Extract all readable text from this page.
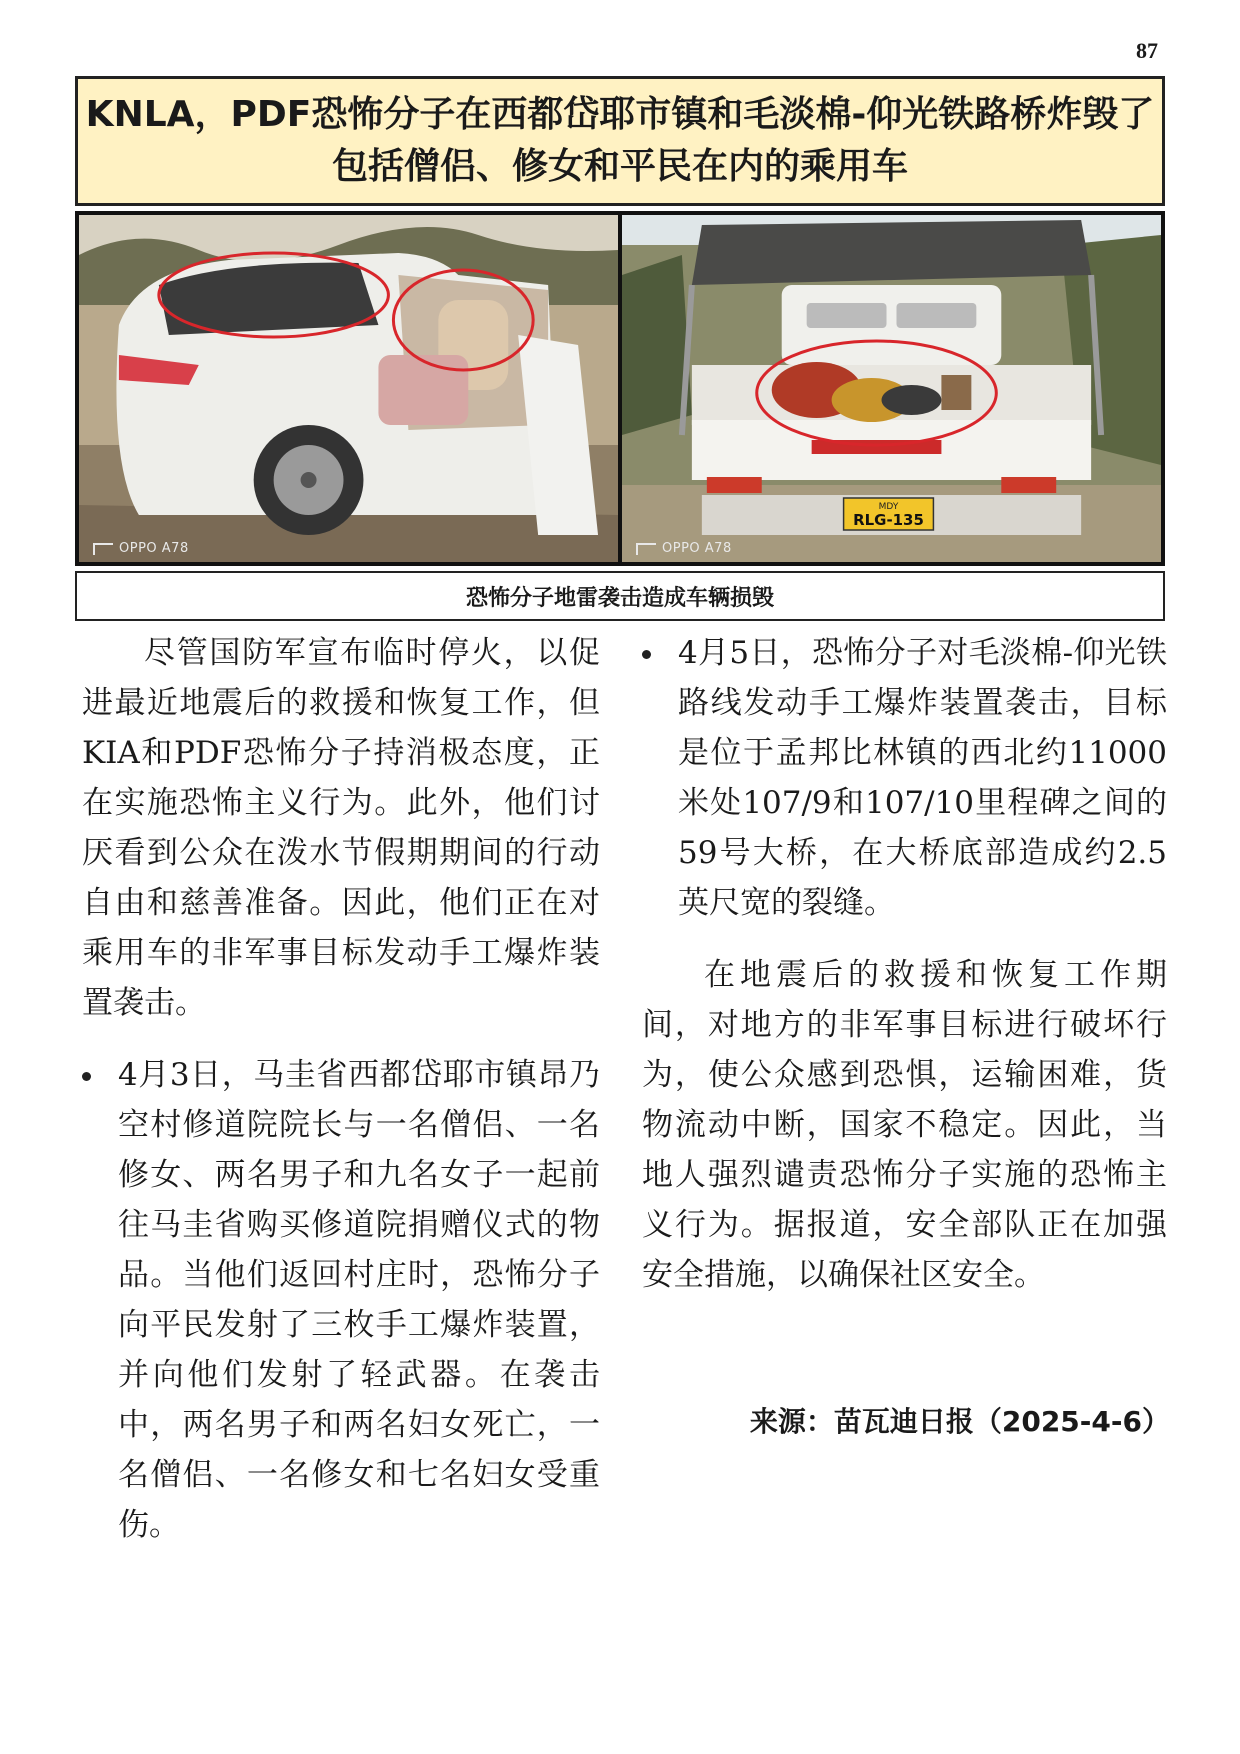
87
KNLA，PDF恐怖分子在西都岱耶市镇和毛淡棉-仰光铁路桥炸毁了
包括僧侣、修女和平民在内的乘用车
OPPO A78
MDY
RLG-135
OPPO A78
恐怖分子地雷袭击造成车辆损毁

尽管国防军宣布临时停火，以促进最近地震后的救援和恢复工作，但KIA和PDF恐怖分子持消极态度，正在实施恐怖主义行为。此外，他们讨厌看到公众在泼水节假期期间的行动自由和慈善准备。因此，他们正在对乘用车的非军事目标发动手工爆炸装置袭击。

4月3日，马圭省西都岱耶市镇昂乃空村修道院院长与一名僧侣、一名修女、两名男子和九名女子一起前往马圭省购买修道院捐赠仪式的物品。当他们返回村庄时，恐怖分子向平民发射了三枚手工爆炸装置，并向他们发射了轻武器。在袭击中，两名男子和两名妇女死亡，一名僧侣、一名修女和七名妇女受重伤。

4月5日，恐怖分子对毛淡棉-仰光铁路线发动手工爆炸装置袭击，目标是位于孟邦比林镇的西北约11000米处107/9和107/10里程碑之间的59号大桥，在大桥底部造成约2.5英尺宽的裂缝。

在地震后的救援和恢复工作期间，对地方的非军事目标进行破坏行为，使公众感到恐惧，运输困难，货物流动中断，国家不稳定。因此，当地人强烈谴责恐怖分子实施的恐怖主义行为。据报道，安全部队正在加强安全措施，以确保社区安全。

来源：苗瓦迪日报（2025-4-6）
